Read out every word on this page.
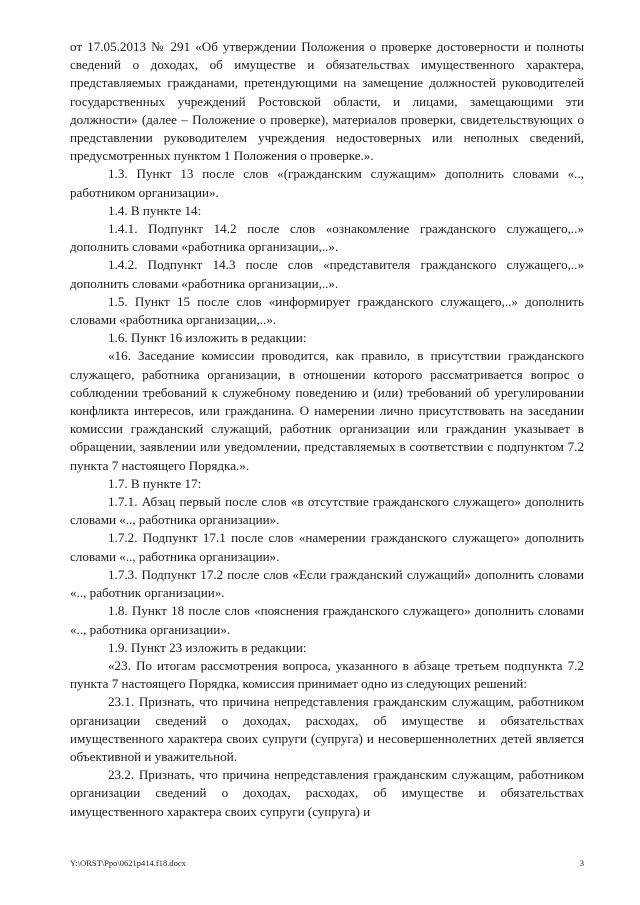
от 17.05.2013 № 291 «Об утверждении Положения о проверке достоверности и полноты сведений о доходах, об имуществе и обязательствах имущественного характера, представляемых гражданами, претендующими на замещение должностей руководителей государственных учреждений Ростовской области, и лицами, замещающими эти должности» (далее – Положение о проверке), материалов проверки, свидетельствующих о представлении руководителем учреждения недостоверных или неполных сведений, предусмотренных пунктом 1 Положения о проверке.».

1.3. Пункт 13 после слов «(гражданским служащим» дополнить словами «.., работником организации».

1.4. В пункте 14:

1.4.1. Подпункт 14.2 после слов «ознакомление гражданского служащего,..» дополнить словами «работника организации,..».

1.4.2. Подпункт 14.3 после слов «представителя гражданского служащего,..» дополнить словами «работника организации,..».

1.5. Пункт 15 после слов «информирует гражданского служащего,..» дополнить словами «работника организации,..».

1.6. Пункт 16 изложить в редакции:

«16. Заседание комиссии проводится, как правило, в присутствии гражданского служащего, работника организации, в отношении которого рассматривается вопрос о соблюдении требований к служебному поведению и (или) требований об урегулировании конфликта интересов, или гражданина. О намерении лично присутствовать на заседании комиссии гражданский служащий, работник организации или гражданин указывает в обращении, заявлении или уведомлении, представляемых в соответствии с подпунктом 7.2 пункта 7 настоящего Порядка.».

1.7. В пункте 17:

1.7.1. Абзац первый после слов «в отсутствие гражданского служащего» дополнить словами «.., работника организации».

1.7.2. Подпункт 17.1 после слов «намерении гражданского служащего» дополнить словами «.., работника организации».

1.7.3. Подпункт 17.2 после слов «Если гражданский служащий» дополнить словами «.., работник организации».

1.8. Пункт 18 после слов «пояснения гражданского служащего» дополнить словами «.., работника организации».

1.9. Пункт 23 изложить в редакции:

«23. По итогам рассмотрения вопроса, указанного в абзаце третьем подпункта 7.2 пункта 7 настоящего Порядка, комиссия принимает одно из следующих решений:

23.1. Признать, что причина непредставления гражданским служащим, работником организации сведений о доходах, расходах, об имуществе и обязательствах имущественного характера своих супруги (супруга) и несовершеннолетних детей является объективной и уважительной.

23.2. Признать, что причина непредставления гражданским служащим, работником организации сведений о доходах, расходах, об имуществе и обязательствах имущественного характера своих супруги (супруга) и

Y:\ORST\Ppo\0621p414.f18.docx	3
